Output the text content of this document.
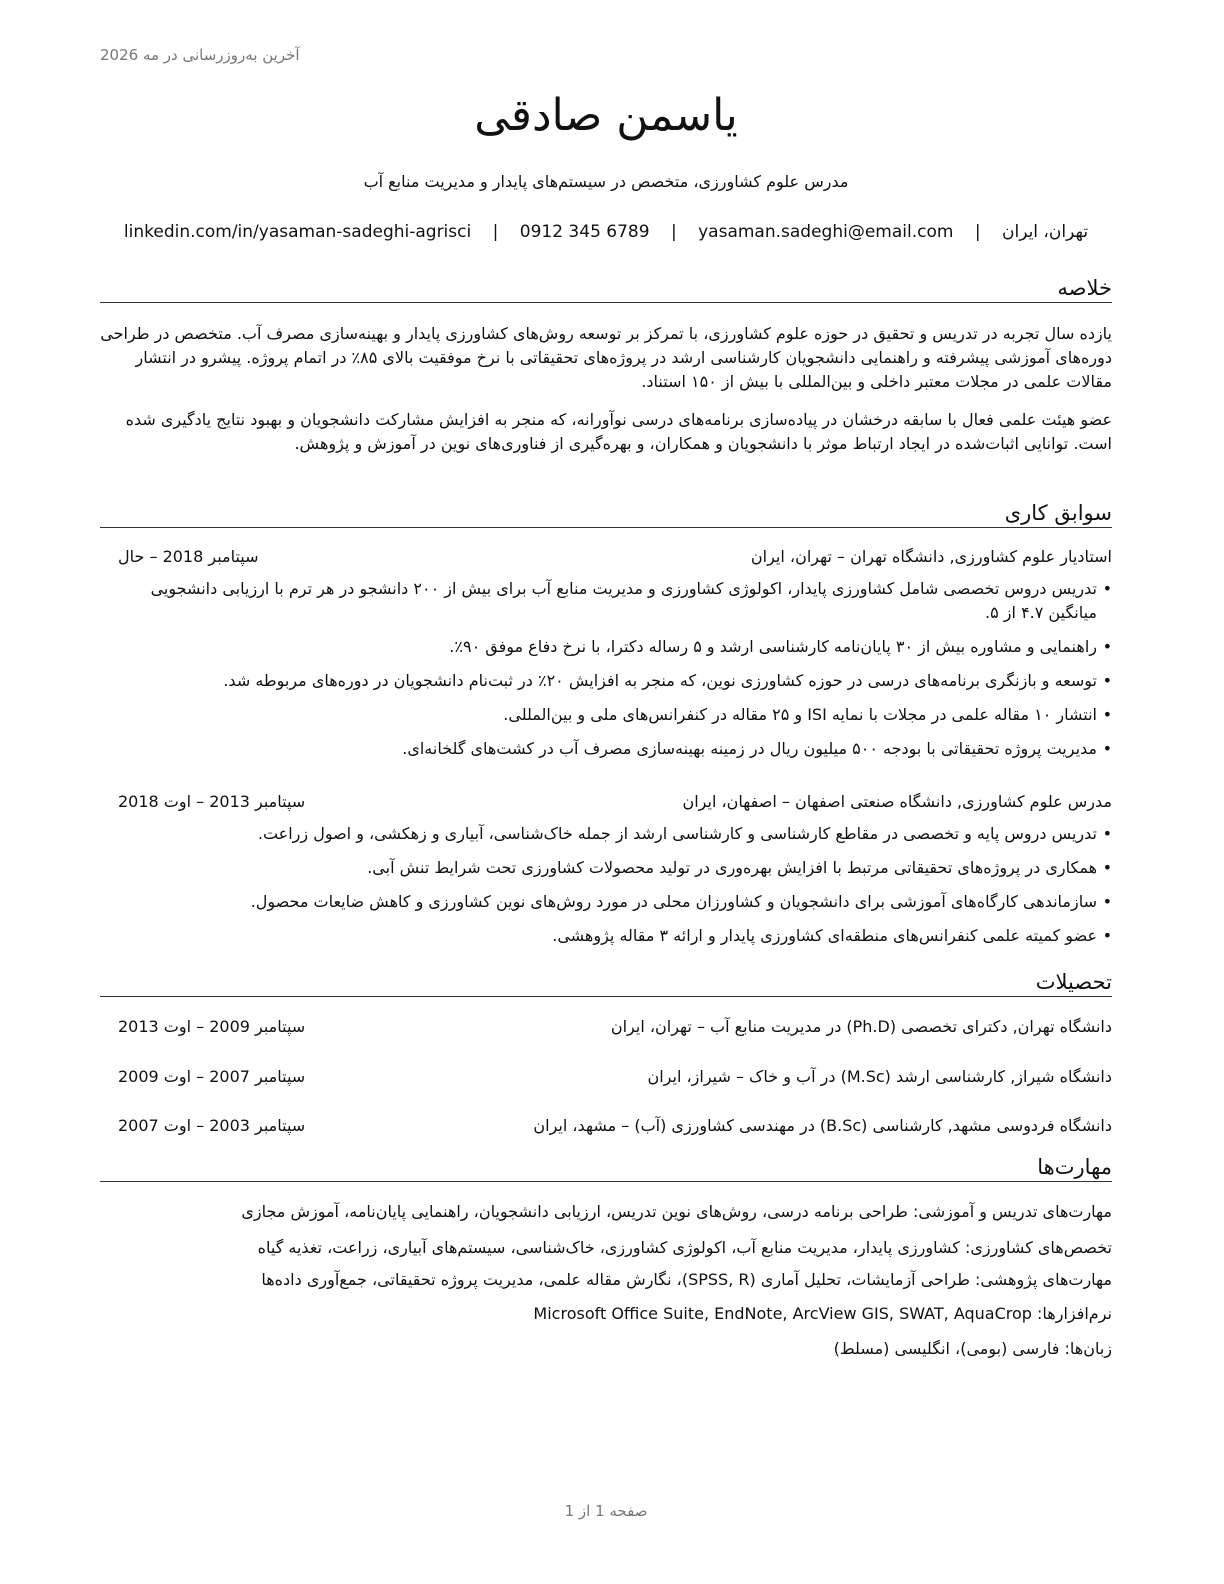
آخرین به‌روزرسانی در مه 2026
یاسمن صادقی
مدرس علوم کشاورزی، متخصص در سیستم‌های پایدار و مدیریت منابع آب
تهران، ایران | yasaman.sadeghi@email.com | 0912 345 6789 | linkedin.com/in/yasaman-sadeghi-agrisci
خلاصه
یازده سال تجربه در تدریس و تحقیق در حوزه علوم کشاورزی، با تمرکز بر توسعه روش‌های کشاورزی پایدار و بهینه‌سازی مصرف آب. متخصص در طراحی دوره‌های آموزشی پیشرفته و راهنمایی دانشجویان کارشناسی ارشد در پروژه‌های تحقیقاتی با نرخ موفقیت بالای ۸۵٪ در اتمام پروژه. پیشرو در انتشار مقالات علمی در مجلات معتبر داخلی و بین‌المللی با بیش از ۱۵۰ استناد.
عضو هیئت علمی فعال با سابقه درخشان در پیاده‌سازی برنامه‌های درسی نوآورانه، که منجر به افزایش مشارکت دانشجویان و بهبود نتایج یادگیری شده است. توانایی اثبات‌شده در ایجاد ارتباط موثر با دانشجویان و همکاران، و بهره‌گیری از فناوری‌های نوین در آموزش و پژوهش.
سوابق کاری
استادیار علوم کشاورزی, دانشگاه تهران – تهران، ایران
سپتامبر 2018 – حال
• تدریس دروس تخصصی شامل کشاورزی پایدار، اکولوژی کشاورزی و مدیریت منابع آب برای بیش از ۲۰۰ دانشجو در هر ترم با ارزیابی دانشجویی میانگین ۴.۷ از ۵.
• راهنمایی و مشاوره بیش از ۳۰ پایان‌نامه کارشناسی ارشد و ۵ رساله دکترا، با نرخ دفاع موفق ۹۰٪.
• توسعه و بازنگری برنامه‌های درسی در حوزه کشاورزی نوین، که منجر به افزایش ۲۰٪ در ثبت‌نام دانشجویان در دوره‌های مربوطه شد.
• انتشار ۱۰ مقاله علمی در مجلات با نمایه ISI و ۲۵ مقاله در کنفرانس‌های ملی و بین‌المللی.
• مدیریت پروژه تحقیقاتی با بودجه ۵۰۰ میلیون ریال در زمینه بهینه‌سازی مصرف آب در کشت‌های گلخانه‌ای.
مدرس علوم کشاورزی, دانشگاه صنعتی اصفهان – اصفهان، ایران
سپتامبر 2013 – اوت 2018
• تدریس دروس پایه و تخصصی در مقاطع کارشناسی و کارشناسی ارشد از جمله خاک‌شناسی، آبیاری و زهکشی، و اصول زراعت.
• همکاری در پروژه‌های تحقیقاتی مرتبط با افزایش بهره‌وری در تولید محصولات کشاورزی تحت شرایط تنش آبی.
• سازماندهی کارگاه‌های آموزشی برای دانشجویان و کشاورزان محلی در مورد روش‌های نوین کشاورزی و کاهش ضایعات محصول.
• عضو کمیته علمی کنفرانس‌های منطقه‌ای کشاورزی پایدار و ارائه ۳ مقاله پژوهشی.
تحصیلات
دانشگاه تهران, دکترای تخصصی (Ph.D) در مدیریت منابع آب – تهران، ایران
سپتامبر 2009 – اوت 2013
دانشگاه شیراز, کارشناسی ارشد (M.Sc) در آب و خاک – شیراز، ایران
سپتامبر 2007 – اوت 2009
دانشگاه فردوسی مشهد, کارشناسی (B.Sc) در مهندسی کشاورزی (آب) – مشهد، ایران
سپتامبر 2003 – اوت 2007
مهارت‌ها
مهارت‌های تدریس و آموزشی: طراحی برنامه درسی، روش‌های نوین تدریس، ارزیابی دانشجویان، راهنمایی پایان‌نامه، آموزش مجازی
تخصص‌های کشاورزی: کشاورزی پایدار، مدیریت منابع آب، اکولوژی کشاورزی، خاک‌شناسی، سیستم‌های آبیاری، زراعت، تغذیه گیاه
مهارت‌های پژوهشی: طراحی آزمایشات، تحلیل آماری (SPSS, R)، نگارش مقاله علمی، مدیریت پروژه تحقیقاتی، جمع‌آوری داده‌ها
نرم‌افزارها: Microsoft Office Suite, EndNote, ArcView GIS, SWAT, AquaCrop
زبان‌ها: فارسی (بومی)، انگلیسی (مسلط)
صفحه 1 از 1
